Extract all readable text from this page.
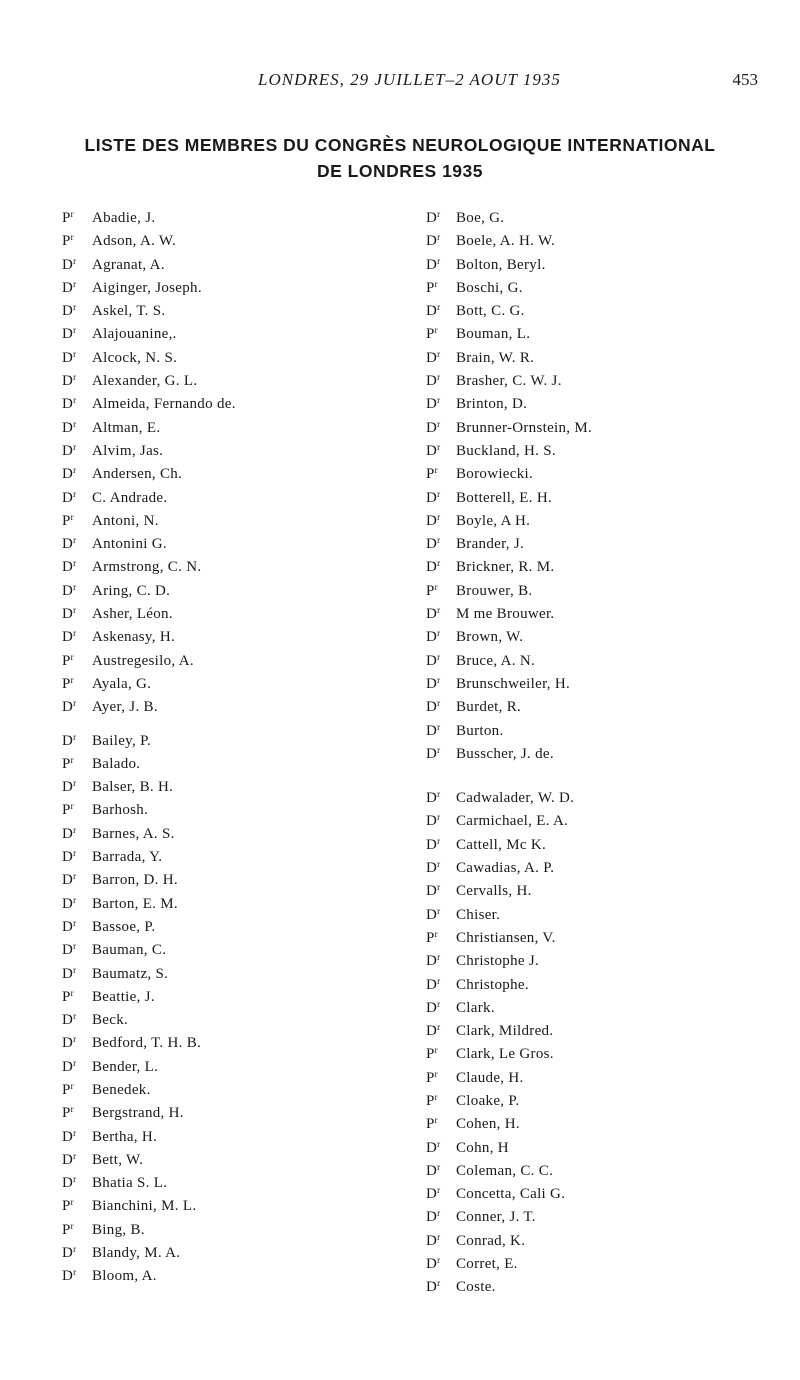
LONDRES, 29 JUILLET–2 AOUT 1935	453
LISTE DES MEMBRES DU CONGRÈS NEUROLOGIQUE INTERNATIONAL
DE LONDRES 1935
$P^r$ Abadie, J.
$P^r$ Adson, A. W.
$D^r$ Agranat, A.
$D^r$ Aiginger, Joseph.
$D^r$ Askel, T. S.
$D^r$ Alajouanine,.
$D^r$ Alcock, N. S.
$D^r$ Alexander, G. L.
$D^r$ Almeida, Fernando de.
$D^r$ Altman, E.
$D^r$ Alvim, Jas.
$D^r$ Andersen, Ch.
$D^r$ C. Andrade.
$P^r$ Antoni, N.
$D^r$ Antonini G.
$D^r$ Armstrong, C. N.
$D^r$ Aring, C. D.
$D^r$ Asher, Léon.
$D^r$ Askenasy, H.
$P^r$ Austregesilo, A.
$P^r$ Ayala, G.
$D^r$ Ayer, J. B.
$D^r$ Bailey, P.
$P^r$ Balado.
$D^r$ Balser, B. H.
$P^r$ Barhosh.
$D^r$ Barnes, A. S.
$D^r$ Barrada, Y.
$D^r$ Barron, D. H.
$D^r$ Barton, E. M.
$D^r$ Bassoe, P.
$D^r$ Bauman, C.
$D^r$ Baumatz, S.
$P^r$ Beattie, J.
$D^r$ Beck.
$D^r$ Bedford, T. H. B.
$D^r$ Bender, L.
$P^r$ Benedek.
$P^r$ Bergstrand, H.
$D^r$ Bertha, H.
$D^r$ Bett, W.
$D^r$ Bhatia S. L.
$P^r$ Bianchini, M. L.
$P^r$ Bing, B.
$D^r$ Blandy, M. A.
$D^r$ Bloom, A.
$D^r$ Boe, G.
$D^r$ Boele, A. H. W.
$D^r$ Bolton, Beryl.
$P^r$ Boschi, G.
$D^r$ Bott, C. G.
$P^r$ Bouman, L.
$D^r$ Brain, W. R.
$D^r$ Brasher, C. W. J.
$D^r$ Brinton, D.
$D^r$ Brunner-Ornstein, M.
$D^r$ Buckland, H. S.
$P^r$ Borowiecki.
$D^r$ Botterell, E. H.
$D^r$ Boyle, A H.
$D^r$ Brander, J.
$D^r$ Brickner, R. M.
$P^r$ Brouwer, B.
$D^r$ M me Brouwer.
$D^r$ Brown, W.
$D^r$ Bruce, A. N.
$D^r$ Brunschweiler, H.
$D^r$ Burdet, R.
$D^r$ Burton.
$D^r$ Busscher, J. de.
$D^r$ Cadwalader, W. D.
$D^r$ Carmichael, E. A.
$D^r$ Cattell, Mc K.
$D^r$ Cawadias, A. P.
$D^r$ Cervalls, H.
$D^r$ Chiser.
$P^r$ Christiansen, V.
$D^r$ Christophe J.
$D^r$ Christophe.
$D^r$ Clark.
$D^r$ Clark, Mildred.
$P^r$ Clark, Le Gros.
$P^r$ Claude, H.
$P^r$ Cloake, P.
$P^r$ Cohen, H.
$D^r$ Cohn, H
$D^r$ Coleman, C. C.
$D^r$ Concetta, Cali G.
$D^r$ Conner, J. T.
$D^r$ Conrad, K.
$D^r$ Corret, E.
$D^r$ Coste.
